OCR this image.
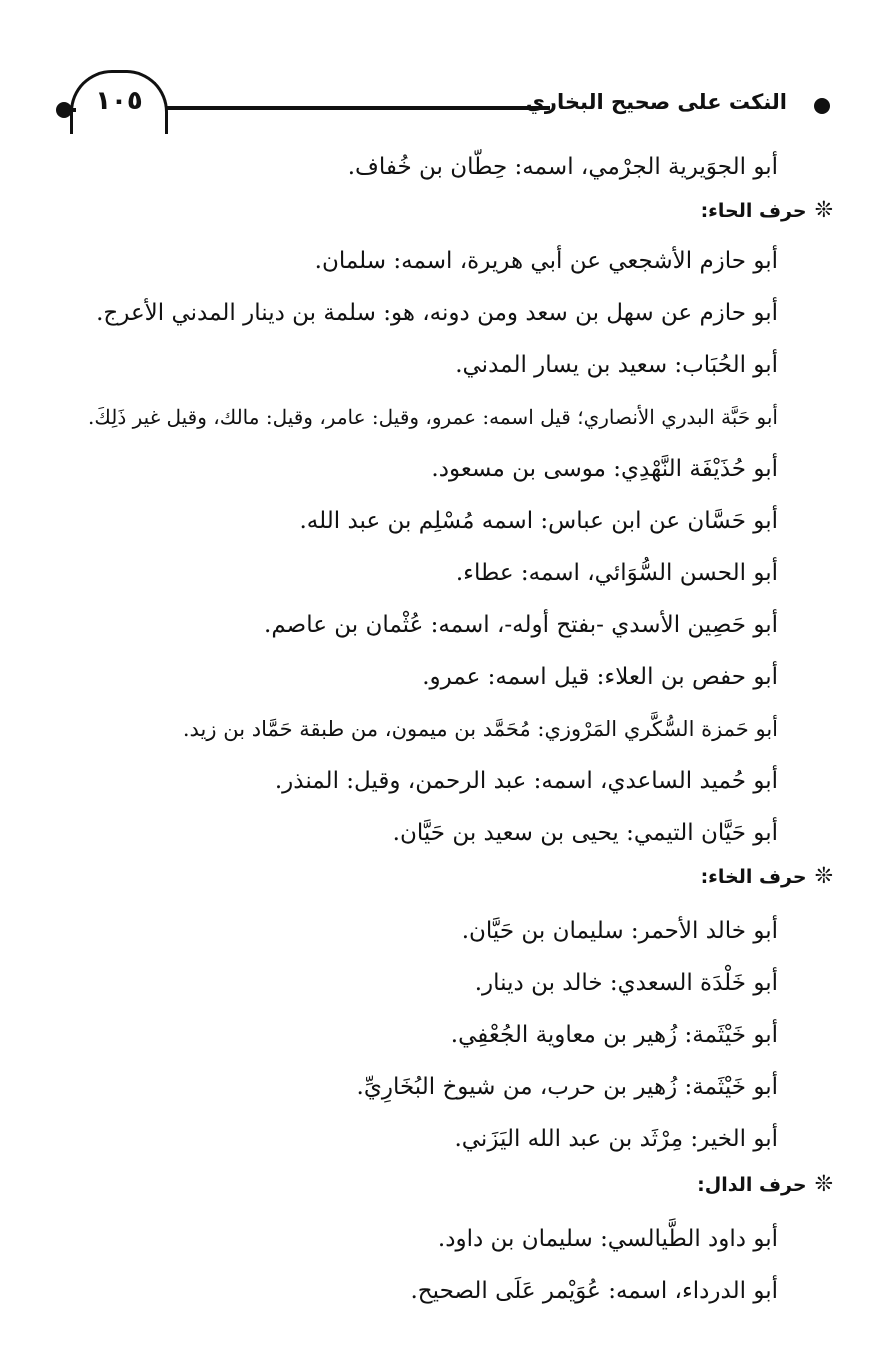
١٠٥	النكت على صحيح البخاري
أبو الجوَيرية الجرْمي، اسمه: حِطّان بن خُفاف.
❊حرف الحاء:
أبو حازم الأشجعي عن أبي هريرة، اسمه: سلمان.
أبو حازم عن سهل بن سعد ومن دونه، هو: سلمة بن دينار المدني الأعرج.
أبو الحُبَاب: سعيد بن يسار المدني.
أبو حَبَّة البدري الأنصاري؛ قيل اسمه: عمرو، وقيل: عامر، وقيل: مالك، وقيل غير ذَلِكَ.
أبو حُذَيْفَة النَّهْدِي: موسى بن مسعود.
أبو حَسَّان عن ابن عباس: اسمه مُسْلِم بن عبد الله.
أبو الحسن السُّوَائي، اسمه: عطاء.
أبو حَصِين الأسدي -بفتح أوله-، اسمه: عُثْمان بن عاصم.
أبو حفص بن العلاء: قيل اسمه: عمرو.
أبو حَمزة السُّكَّري المَرْوزي: مُحَمَّد بن ميمون، من طبقة حَمَّاد بن زيد.
أبو حُميد الساعدي، اسمه: عبد الرحمن، وقيل: المنذر.
أبو حَيَّان التيمي: يحيى بن سعيد بن حَيَّان.
❊حرف الخاء:
أبو خالد الأحمر: سليمان بن حَيَّان.
أبو خَلْدَة السعدي: خالد بن دينار.
أبو خَيْثَمة: زُهير بن معاوية الجُعْفِي.
أبو خَيْثَمة: زُهير بن حرب، من شيوخ البُخَارِيِّ.
أبو الخير: مِرْثَد بن عبد الله اليَزَني.
❊حرف الدال:
أبو داود الطَّيالسي: سليمان بن داود.
أبو الدرداء، اسمه: عُوَيْمر عَلَى الصحيح.
